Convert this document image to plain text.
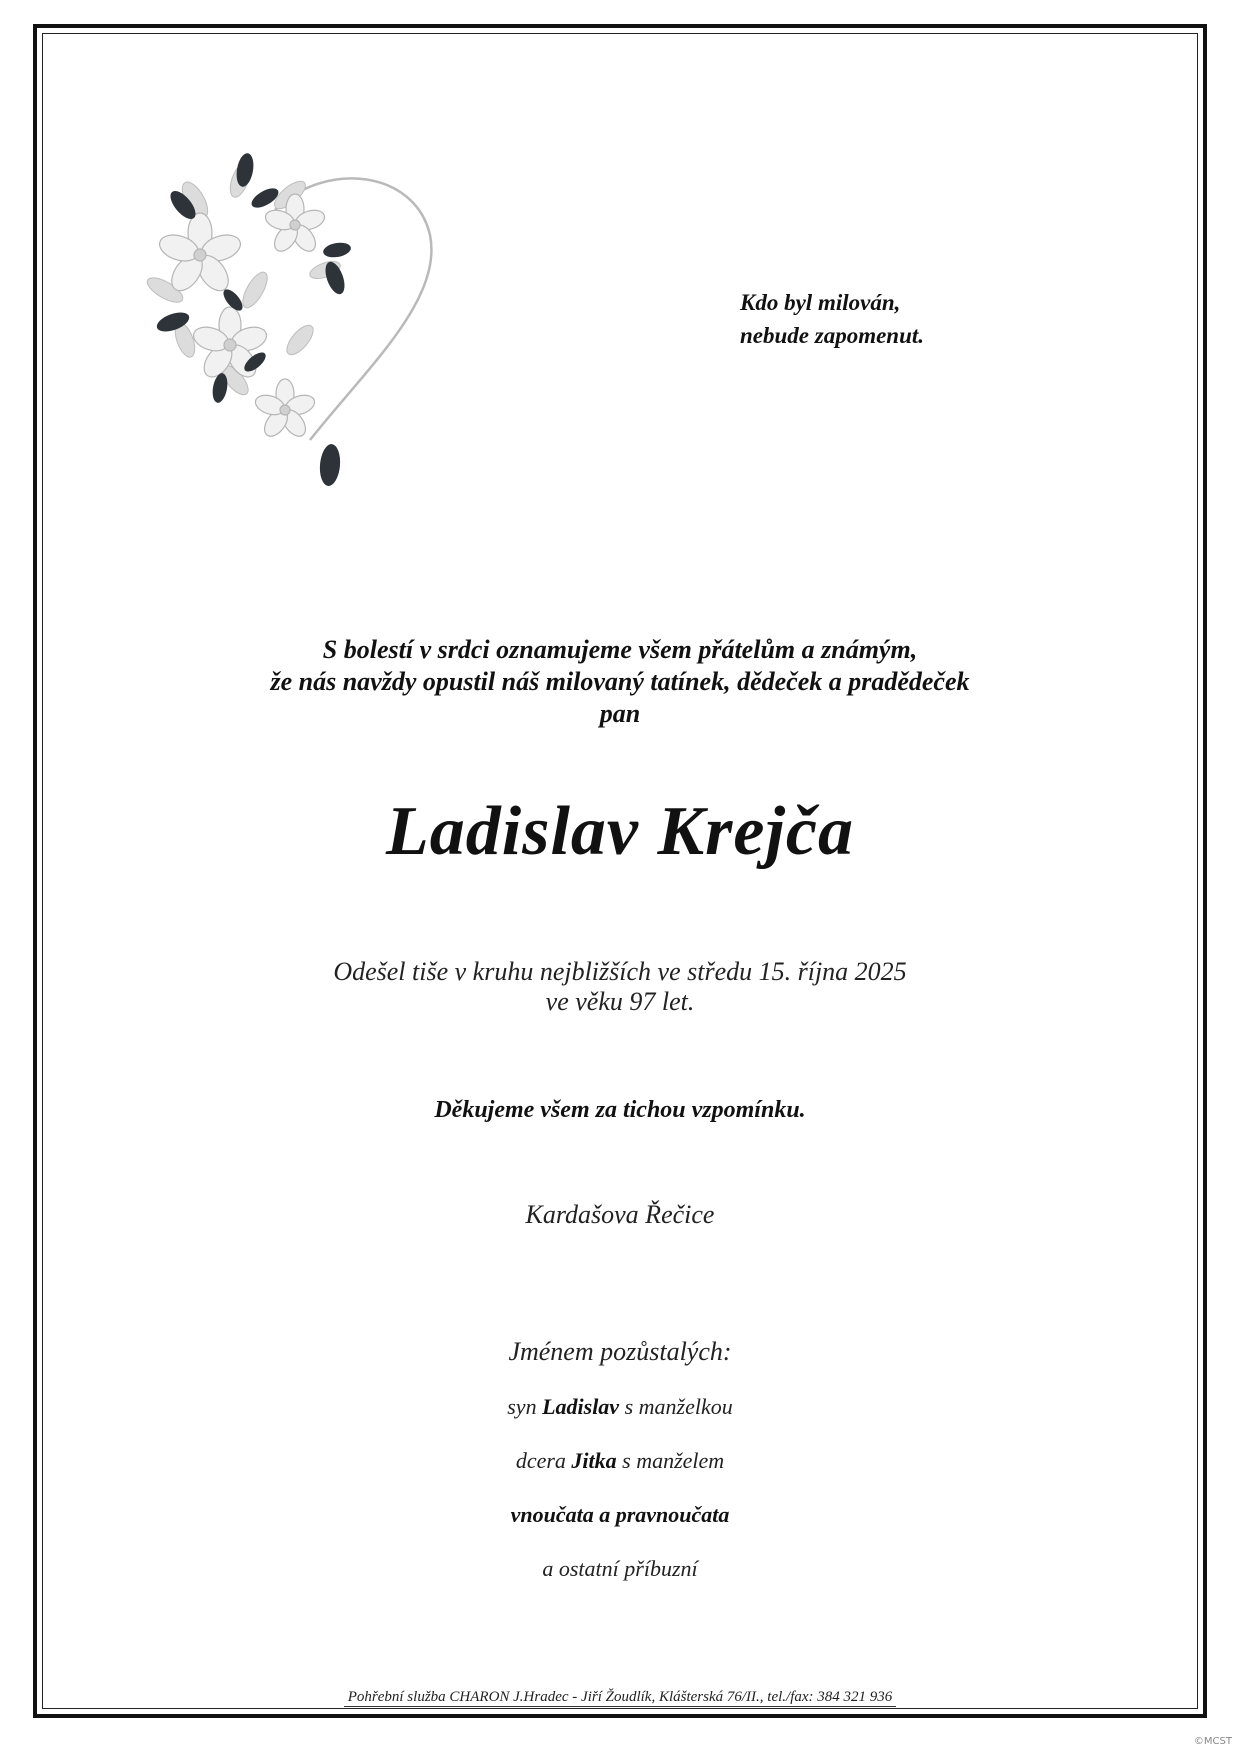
Kdo byl milován,
nebude zapomenut.
S bolestí v srdci oznamujeme všem přátelům a známým,
že nás navždy opustil náš milovaný tatínek, dědeček a pradědeček
pan
Ladislav Krejča
Odešel tiše v kruhu nejbližších ve středu 15. října 2025
ve věku 97 let.
Děkujeme všem za tichou vzpomínku.
Kardašova Řečice
Jménem pozůstalých:
syn Ladislav s manželkou
dcera Jitka s manželem
vnoučata a pravnoučata
a ostatní příbuzní
Pohřební služba CHARON J.Hradec - Jiří Žoudlík, Klášterská 76/II., tel./fax: 384 321 936
©MCST
